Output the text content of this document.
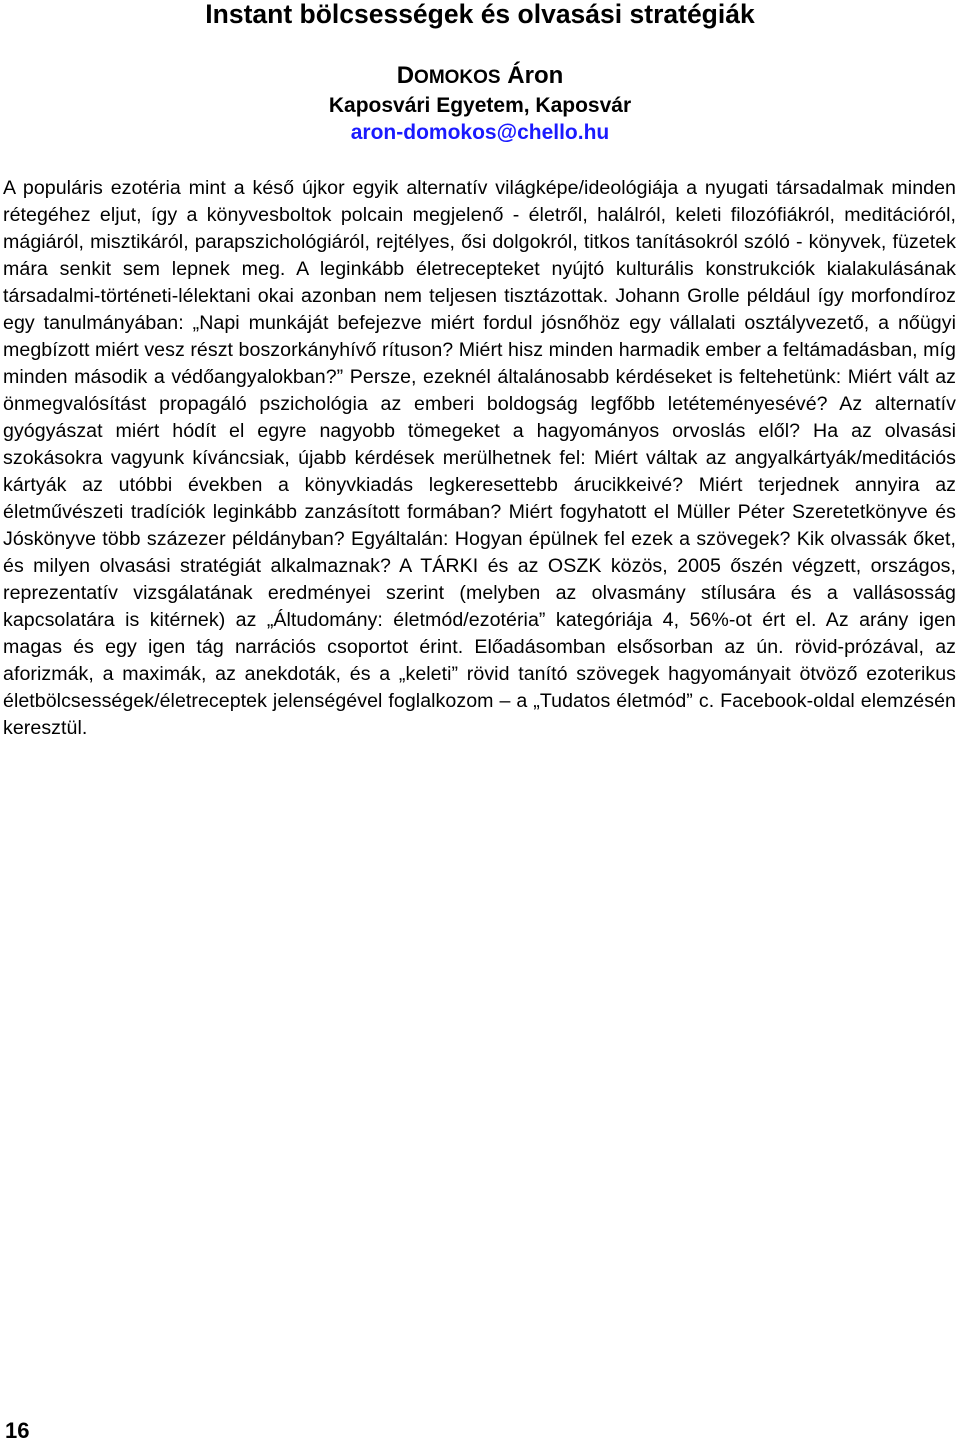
Instant bölcsességek és olvasási stratégiák
DOMOKOS Áron
Kaposvári Egyetem, Kaposvár
aron-domokos@chello.hu

A populáris ezotéria mint a késő újkor egyik alternatív világképe/ideológiája a nyugati társadalmak minden rétegéhez eljut, így a könyvesboltok polcain megjelenő - életről, halálról, keleti filozófiákról, meditációról, mágiáról, misztikáról, parapszichológiáról, rejtélyes, ősi dolgokról, titkos tanításokról szóló - könyvek, füzetek mára senkit sem lepnek meg. A leginkább életrecepteket nyújtó kulturális konstrukciók kialakulásának társadalmi-történeti-lélektani okai azonban nem teljesen tisztázottak. Johann Grolle például így morfondíroz egy tanulmányában: „Napi munkáját befejezve miért fordul jósnőhöz egy vállalati osztályvezető, a nőügyi megbízott miért vesz részt boszorkányhívő rítuson? Miért hisz minden harmadik ember a feltámadásban, míg minden második a védőangyalokban?” Persze, ezeknél általánosabb kérdéseket is feltehetünk: Miért vált az önmegvalósítást propagáló pszichológia az emberi boldogság legfőbb letéteményesévé? Az alternatív gyógyászat miért hódít el egyre nagyobb tömegeket a hagyományos orvoslás elől? Ha az olvasási szokásokra vagyunk kíváncsiak, újabb kérdések merülhetnek fel: Miért váltak az angyalkártyák/meditációs kártyák az utóbbi években a könyvkiadás legkeresettebb árucikkeivé? Miért terjednek annyira az életművészeti tradíciók leginkább zanzásított formában? Miért fogyhatott el Müller Péter Szeretetkönyve és Jóskönyve több százezer példányban? Egyáltalán: Hogyan épülnek fel ezek a szövegek? Kik olvassák őket, és milyen olvasási stratégiát alkalmaznak? A TÁRKI és az OSZK közös, 2005 őszén végzett, országos, reprezentatív vizsgálatának eredményei szerint (melyben az olvasmány stílusára és a vallásosság kapcsolatára is kitérnek) az „Áltudomány: életmód/ezotéria” kategóriája 4, 56%-ot ért el. Az arány igen magas és egy igen tág narrációs csoportot érint. Előadásomban elsősorban az ún. rövid-prózával, az aforizmák, a maximák, az anekdoták, és a „keleti” rövid tanító szövegek hagyományait ötvöző ezoterikus életbölcsességek/életreceptek jelenségével foglalkozom – a „Tudatos életmód” c. Facebook-oldal elemzésén keresztül.

16
